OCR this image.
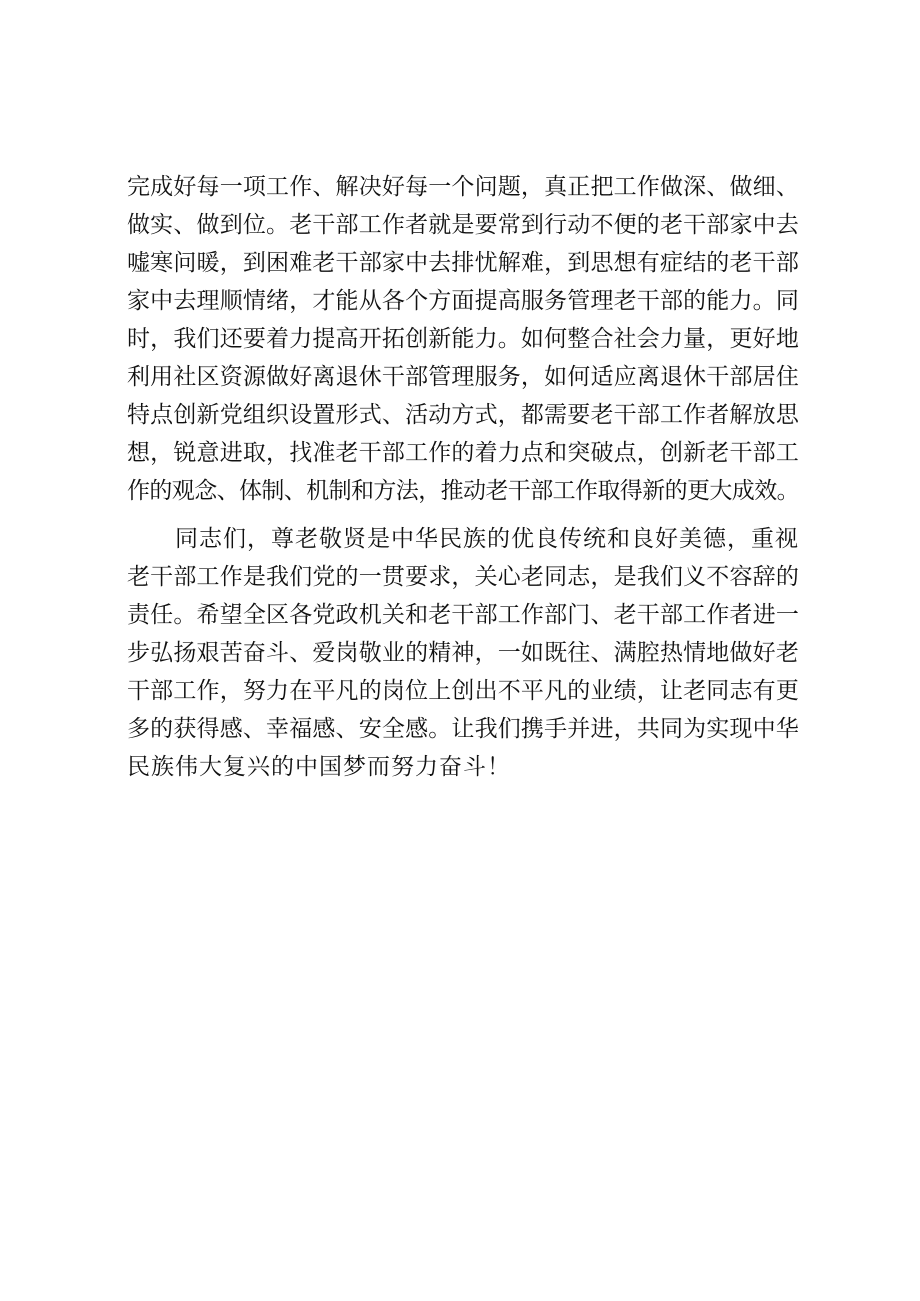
完成好每一项工作、解决好每一个问题，真正把工作做深、做细、
做实、做到位。老干部工作者就是要常到行动不便的老干部家中去
嘘寒问暖，到困难老干部家中去排忧解难，到思想有症结的老干部
家中去理顺情绪，才能从各个方面提高服务管理老干部的能力。同
时，我们还要着力提高开拓创新能力。如何整合社会力量，更好地
利用社区资源做好离退休干部管理服务，如何适应离退休干部居住
特点创新党组织设置形式、活动方式，都需要老干部工作者解放思
想，锐意进取，找准老干部工作的着力点和突破点，创新老干部工
作的观念、体制、机制和方法，推动老干部工作取得新的更大成效。
同志们，尊老敬贤是中华民族的优良传统和良好美德，重视
老干部工作是我们党的一贯要求，关心老同志，是我们义不容辞的
责任。希望全区各党政机关和老干部工作部门、老干部工作者进一
步弘扬艰苦奋斗、爱岗敬业的精神，一如既往、满腔热情地做好老
干部工作，努力在平凡的岗位上创出不平凡的业绩，让老同志有更
多的获得感、幸福感、安全感。让我们携手并进，共同为实现中华
民族伟大复兴的中国梦而努力奋斗！
